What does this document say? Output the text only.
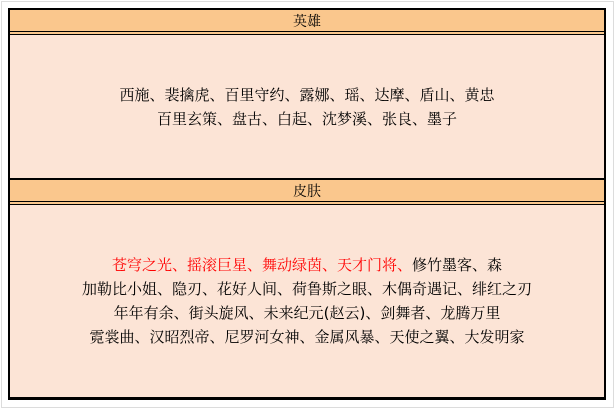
英雄
西施、裴擒虎、百里守约、露娜、瑶、达摩、盾山、黄忠
百里玄策、盘古、白起、沈梦溪、张良、墨子
皮肤
苍穹之光、摇滚巨星、舞动绿茵、天才门将、修竹墨客、森
加勒比小姐、隐刃、花好人间、荷鲁斯之眼、木偶奇遇记、绯红之刃
年年有余、街头旋风、未来纪元(赵云)、剑舞者、龙腾万里
霓裳曲、汉昭烈帝、尼罗河女神、金属风暴、天使之翼、大发明家
